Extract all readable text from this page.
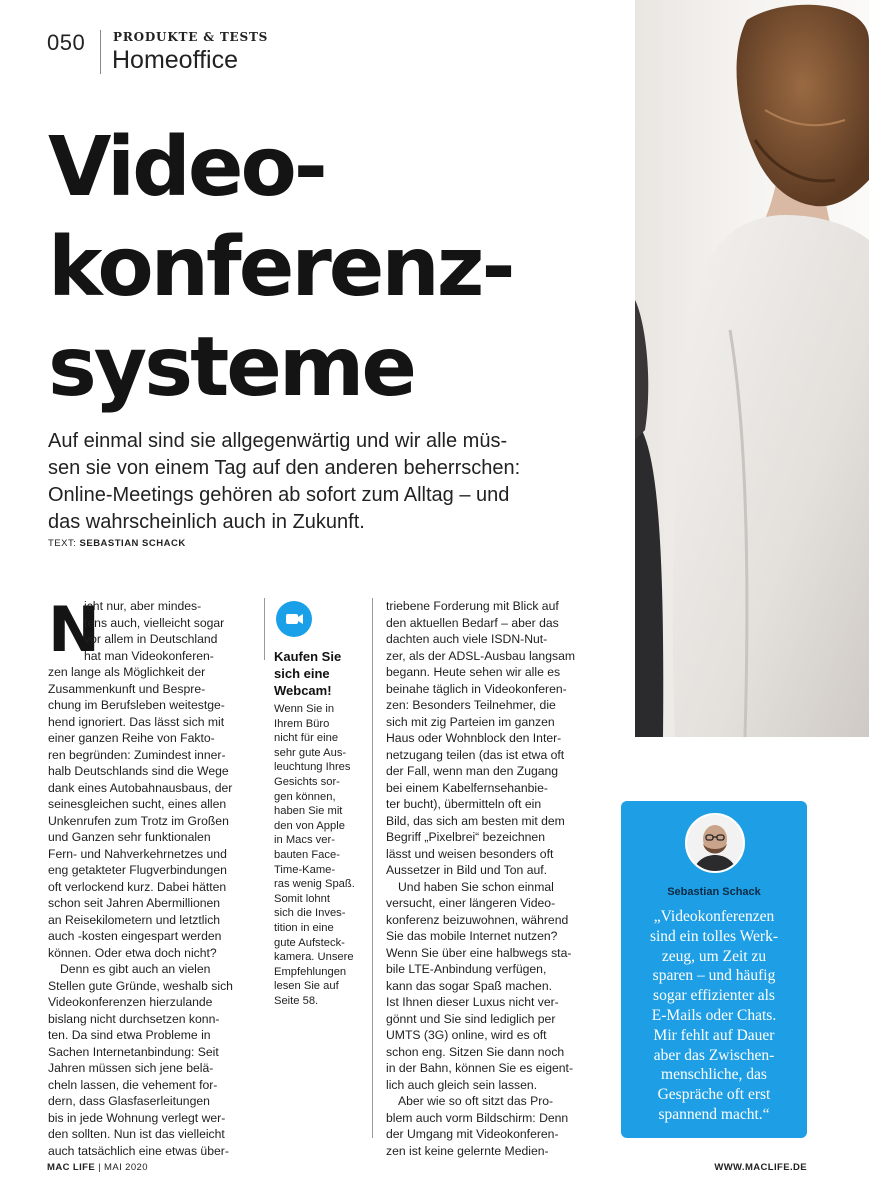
050 PRODUKTE & TESTS
Homeoffice
Video-
konferenz-
systeme

Auf einmal sind sie allgegenwärtig und wir alle müs-
sen sie von einem Tag auf den anderen beherrschen:
Online-Meetings gehören ab sofort zum Alltag – und
das wahrscheinlich auch in Zukunft.

TEXT: SEBASTIAN SCHACK
N
icht nur, aber mindes-
tens auch, vielleicht sogar
vor allem in Deutschland
hat man Videokonferen-
zen lange als Möglichkeit der
Zusammenkunft und Bespre-
chung im Berufsleben weitestge-
hend ignoriert. Das lässt sich mit
einer ganzen Reihe von Fakto-
ren begründen: Zumindest inner-
halb Deutschlands sind die Wege
dank eines Autobahnausbaus, der
seinesgleichen sucht, eines allen
Unkenrufen zum Trotz im Großen
und Ganzen sehr funktionalen
Fern- und Nahverkehrnetzes und
eng getakteter Flugverbindungen
oft verlockend kurz. Dabei hätten
schon seit Jahren Abermillionen
an Reisekilometern und letztlich
auch -kosten eingespart werden
können. Oder etwa doch nicht?
Denn es gibt auch an vielen
Stellen gute Gründe, weshalb sich
Videokonferenzen hierzulande
bislang nicht durchsetzen konn-
ten. Da sind etwa Probleme in
Sachen Internetanbindung: Seit
Jahren müssen sich jene belä-
cheln lassen, die vehement for-
dern, dass Glasfaserleitungen
bis in jede Wohnung verlegt wer-
den sollten. Nun ist das vielleicht
auch tatsächlich eine etwas über-
Kaufen Sie
sich eine
Webcam!
Wenn Sie in
Ihrem Büro
nicht für eine
sehr gute Aus-
leuchtung Ihres
Gesichts sor-
gen können,
haben Sie mit
den von Apple
in Macs ver-
bauten Face-
Time-Kame-
ras wenig Spaß.
Somit lohnt
sich die Inves-
tition in eine
gute Aufsteck-
kamera. Unsere
Empfehlungen
lesen Sie auf
Seite 58.
triebene Forderung mit Blick auf
den aktuellen Bedarf – aber das
dachten auch viele ISDN-Nut-
zer, als der ADSL-Ausbau langsam
begann. Heute sehen wir alle es
beinahe täglich in Videokonferen-
zen: Besonders Teilnehmer, die
sich mit zig Parteien im ganzen
Haus oder Wohnblock den Inter-
netzugang teilen (das ist etwa oft
der Fall, wenn man den Zugang
bei einem Kabelfernsehanbie-
ter bucht), übermitteln oft ein
Bild, das sich am besten mit dem
Begriff „Pixelbrei“ bezeichnen
lässt und weisen besonders oft
Aussetzer in Bild und Ton auf.
Und haben Sie schon einmal
versucht, einer längeren Video-
konferenz beizuwohnen, während
Sie das mobile Internet nutzen?
Wenn Sie über eine halbwegs sta-
bile LTE-Anbindung verfügen,
kann das sogar Spaß machen.
Ist Ihnen dieser Luxus nicht ver-
gönnt und Sie sind lediglich per
UMTS (3G) online, wird es oft
schon eng. Sitzen Sie dann noch
in der Bahn, können Sie es eigent-
lich auch gleich sein lassen.
Aber wie so oft sitzt das Pro-
blem auch vorm Bildschirm: Denn
der Umgang mit Videokonferen-
zen ist keine gelernte Medien-
Sebastian Schack
„Videokonferenzen
sind ein tolles Werk-
zeug, um Zeit zu
sparen – und häufig
sogar effizienter als
E-Mails oder Chats.
Mir fehlt auf Dauer
aber das Zwischen-
menschliche, das
Gespräche oft erst
spannend macht.“
MAC LIFE | MAI 2020	WWW.MACLIFE.DE
